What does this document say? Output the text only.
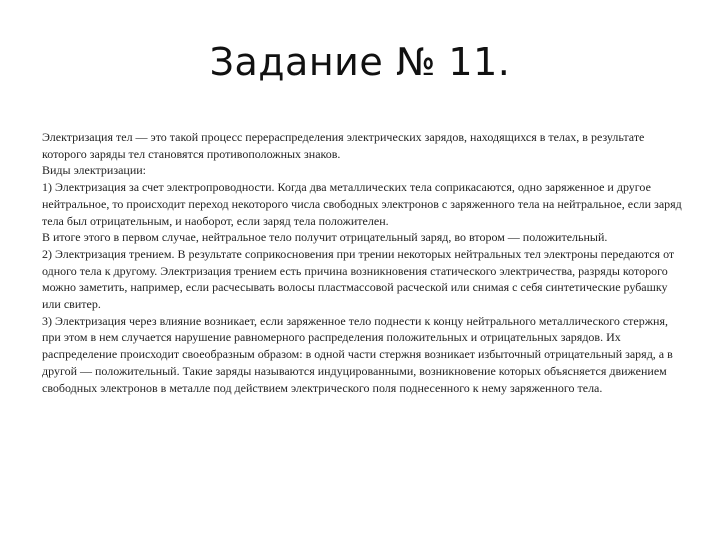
Задание № 11.

Электризация тел — это такой процесс перераспределения электрических зарядов, находящихся в телах, в результате которого заряды тел становятся противоположных знаков.

Виды электризации:

1) Электризация за счет электропроводности. Когда два металлических тела соприкасаются, одно заряженное и другое нейтральное, то происходит переход некоторого числа свободных электронов с заряженного тела на нейтральное, если заряд тела был отрицательным, и наоборот, если заряд тела положителен.

В итоге этого в первом случае, нейтральное тело получит отрицательный заряд, во втором — положительный.

2) Электризация трением. В результате соприкосновения при трении некоторых нейтральных тел электроны передаются от одного тела к другому. Электризация трением есть причина возникновения статического электричества, разряды которого можно заметить, например, если расчесывать волосы пластмассовой расческой или снимая с себя синтетические рубашку или свитер.

3) Электризация через влияние возникает, если заряженное тело поднести к концу нейтрального металлического стержня, при этом в нем случается нарушение равномерного распределения положительных и отрицательных зарядов. Их распределение происходит своеобразным образом: в одной части стержня возникает избыточный отрицательный заряд, а в другой — положительный. Такие заряды называются индуцированными, возникновение которых объясняется движением свободных электронов в металле под действием электрического поля поднесенного к нему заряженного тела.
